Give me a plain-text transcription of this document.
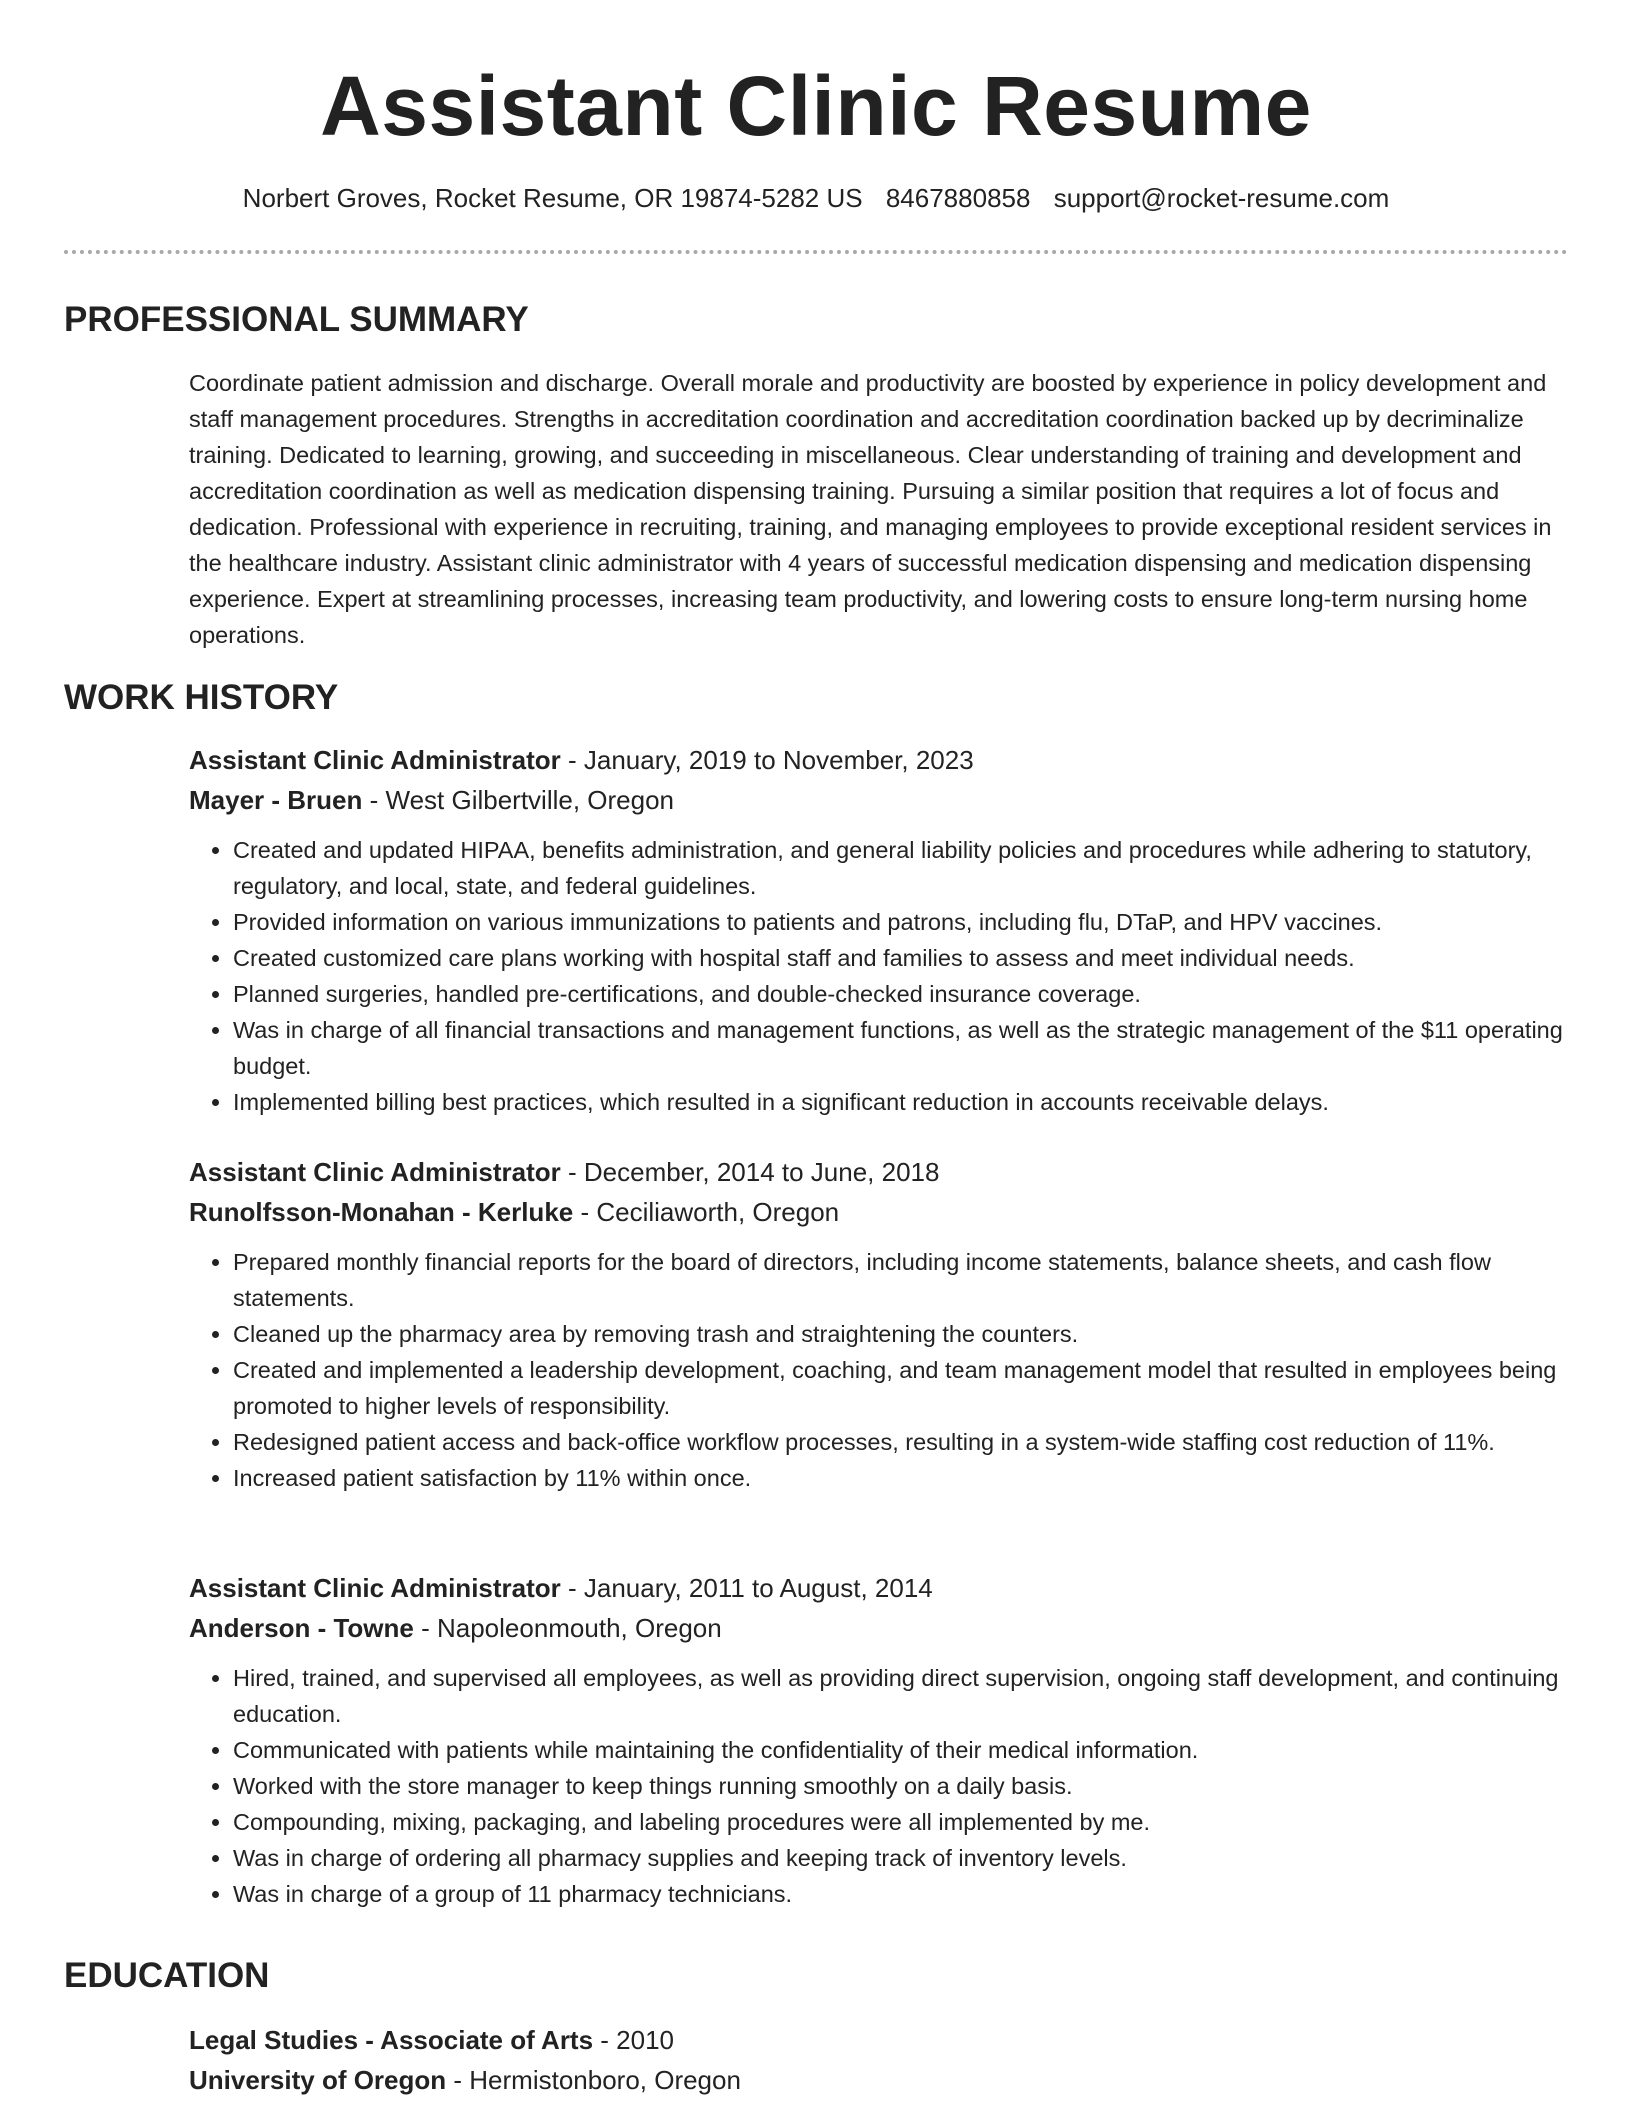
Assistant Clinic Resume
Norbert Groves, Rocket Resume, OR 19874-5282 US 8467880858 support@rocket-resume.com
PROFESSIONAL SUMMARY

Coordinate patient admission and discharge. Overall morale and productivity are boosted by experience in policy development and staff management procedures. Strengths in accreditation coordination and accreditation coordination backed up by decriminalize training. Dedicated to learning, growing, and succeeding in miscellaneous. Clear understanding of training and development and accreditation coordination as well as medication dispensing training. Pursuing a similar position that requires a lot of focus and dedication. Professional with experience in recruiting, training, and managing employees to provide exceptional resident services in the healthcare industry. Assistant clinic administrator with 4 years of successful medication dispensing and medication dispensing experience. Expert at streamlining processes, increasing team productivity, and lowering costs to ensure long-term nursing home operations.

WORK HISTORY
Assistant Clinic Administrator - January, 2019 to November, 2023
Mayer - Bruen - West Gilbertville, Oregon
• Created and updated HIPAA, benefits administration, and general liability policies and procedures while adhering to statutory, regulatory, and local, state, and federal guidelines.
• Provided information on various immunizations to patients and patrons, including flu, DTaP, and HPV vaccines.
• Created customized care plans working with hospital staff and families to assess and meet individual needs.
• Planned surgeries, handled pre-certifications, and double-checked insurance coverage.
• Was in charge of all financial transactions and management functions, as well as the strategic management of the $11 operating budget.
• Implemented billing best practices, which resulted in a significant reduction in accounts receivable delays.
Assistant Clinic Administrator - December, 2014 to June, 2018
Runolfsson-Monahan - Kerluke - Ceciliaworth, Oregon
• Prepared monthly financial reports for the board of directors, including income statements, balance sheets, and cash flow statements.
• Cleaned up the pharmacy area by removing trash and straightening the counters.
• Created and implemented a leadership development, coaching, and team management model that resulted in employees being promoted to higher levels of responsibility.
• Redesigned patient access and back-office workflow processes, resulting in a system-wide staffing cost reduction of 11%.
• Increased patient satisfaction by 11% within once.
Assistant Clinic Administrator - January, 2011 to August, 2014
Anderson - Towne - Napoleonmouth, Oregon
• Hired, trained, and supervised all employees, as well as providing direct supervision, ongoing staff development, and continuing education.
• Communicated with patients while maintaining the confidentiality of their medical information.
• Worked with the store manager to keep things running smoothly on a daily basis.
• Compounding, mixing, packaging, and labeling procedures were all implemented by me.
• Was in charge of ordering all pharmacy supplies and keeping track of inventory levels.
• Was in charge of a group of 11 pharmacy technicians.
EDUCATION
Legal Studies - Associate of Arts - 2010
University of Oregon - Hermistonboro, Oregon
